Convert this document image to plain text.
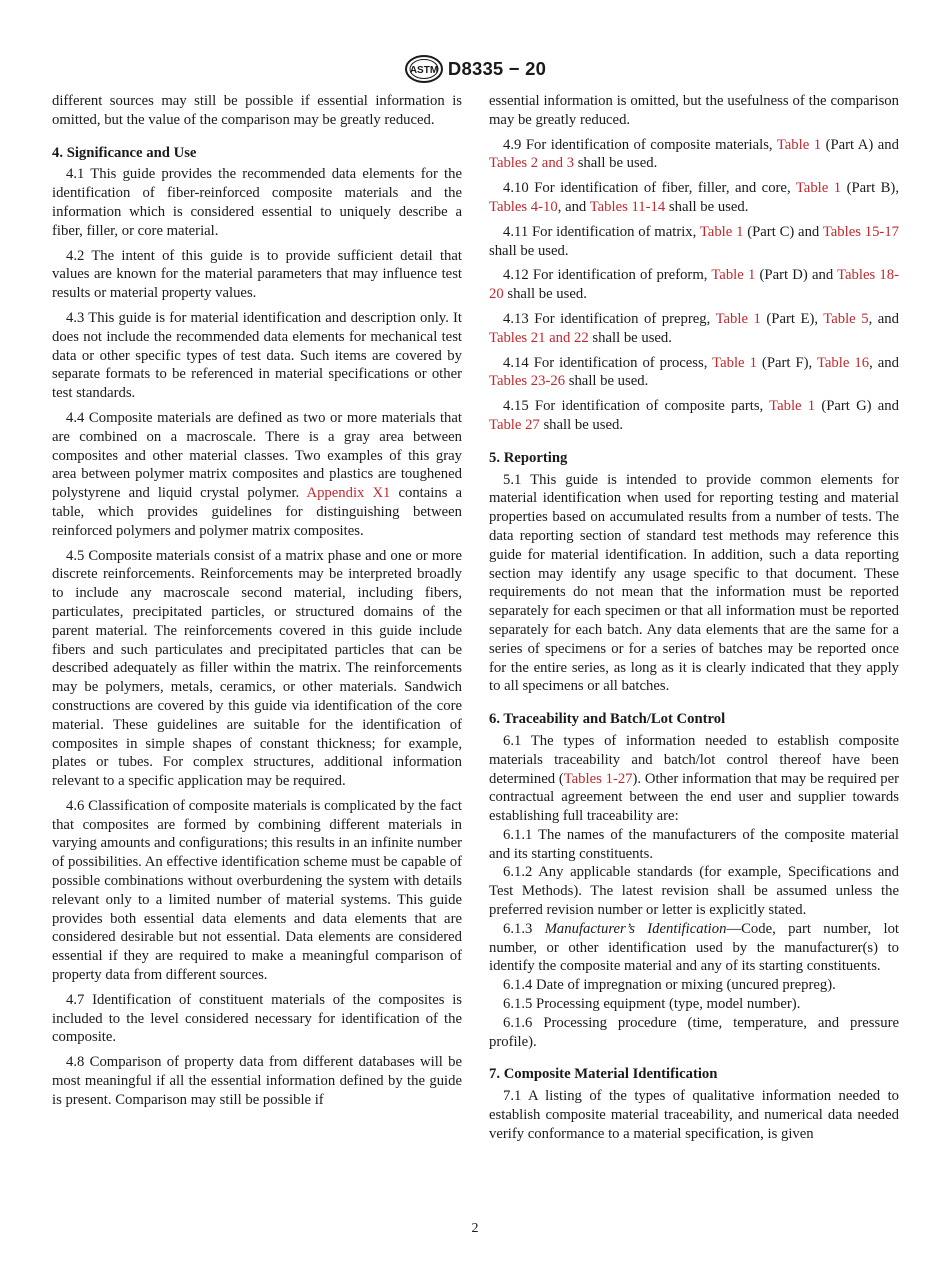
ASTM D8335 − 20

different sources may still be possible if essential information is omitted, but the value of the comparison may be greatly reduced.

4. Significance and Use

4.1 This guide provides the recommended data elements for the identification of fiber-reinforced composite materials and the information which is considered essential to uniquely describe a fiber, filler, or core material.

4.2 The intent of this guide is to provide sufficient detail that values are known for the material parameters that may influence test results or material property values.

4.3 This guide is for material identification and description only. It does not include the recommended data elements for mechanical test data or other specific types of test data. Such items are covered by separate formats to be referenced in material specifications or other test standards.

4.4 Composite materials are defined as two or more materials that are combined on a macroscale. There is a gray area between composites and other material classes. Two examples of this gray area between polymer matrix composites and plastics are toughened polystyrene and liquid crystal polymer. Appendix X1 contains a table, which provides guidelines for distinguishing between reinforced polymers and polymer matrix composites.

4.5 Composite materials consist of a matrix phase and one or more discrete reinforcements. Reinforcements may be interpreted broadly to include any macroscale second material, including fibers, particulates, precipitated particles, or structured domains of the parent material. The reinforcements covered in this guide include fibers and such particulates and precipitated particles that can be described adequately as filler within the matrix. The reinforcements may be polymers, metals, ceramics, or other materials. Sandwich constructions are covered by this guide via identification of the core material. These guidelines are suitable for the identification of composites in simple shapes of constant thickness; for example, plates or tubes. For complex structures, additional information relevant to a specific application may be required.

4.6 Classification of composite materials is complicated by the fact that composites are formed by combining different materials in varying amounts and configurations; this results in an infinite number of possibilities. An effective identification scheme must be capable of possible combinations without overburdening the system with details relevant only to a limited number of material systems. This guide provides both essential data elements and data elements that are considered desirable but not essential. Data elements are considered essential if they are required to make a meaningful comparison of property data from different sources.

4.7 Identification of constituent materials of the composites is included to the level considered necessary for identification of the composite.

4.8 Comparison of property data from different databases will be most meaningful if all the essential information defined by the guide is present. Comparison may still be possible if

essential information is omitted, but the usefulness of the comparison may be greatly reduced.

4.9 For identification of composite materials, Table 1 (Part A) and Tables 2 and 3 shall be used.

4.10 For identification of fiber, filler, and core, Table 1 (Part B), Tables 4-10, and Tables 11-14 shall be used.

4.11 For identification of matrix, Table 1 (Part C) and Tables 15-17 shall be used.

4.12 For identification of preform, Table 1 (Part D) and Tables 18-20 shall be used.

4.13 For identification of prepreg, Table 1 (Part E), Table 5, and Tables 21 and 22 shall be used.

4.14 For identification of process, Table 1 (Part F), Table 16, and Tables 23-26 shall be used.

4.15 For identification of composite parts, Table 1 (Part G) and Table 27 shall be used.

5. Reporting

5.1 This guide is intended to provide common elements for material identification when used for reporting testing and material properties based on accumulated results from a number of tests. The data reporting section of standard test methods may reference this guide for material identification. In addition, such a data reporting section may identify any usage specific to that document. These requirements do not mean that the information must be reported separately for each specimen or that all information must be reported separately for each batch. Any data elements that are the same for a series of specimens or for a series of batches may be reported once for the entire series, as long as it is clearly indicated that they apply to all specimens or all batches.

6. Traceability and Batch/Lot Control

6.1 The types of information needed to establish composite materials traceability and batch/lot control thereof have been determined (Tables 1-27). Other information that may be required per contractual agreement between the end user and supplier towards establishing full traceability are:

6.1.1 The names of the manufacturers of the composite material and its starting constituents.

6.1.2 Any applicable standards (for example, Specifications and Test Methods). The latest revision shall be assumed unless the preferred revision number or letter is explicitly stated.

6.1.3 Manufacturer’s Identification—Code, part number, lot number, or other identification used by the manufacturer(s) to identify the composite material and any of its starting constituents.

6.1.4 Date of impregnation or mixing (uncured prepreg).

6.1.5 Processing equipment (type, model number).

6.1.6 Processing procedure (time, temperature, and pressure profile).

7. Composite Material Identification

7.1 A listing of the types of qualitative information needed to establish composite material traceability, and numerical data needed verify conformance to a material specification, is given

2
